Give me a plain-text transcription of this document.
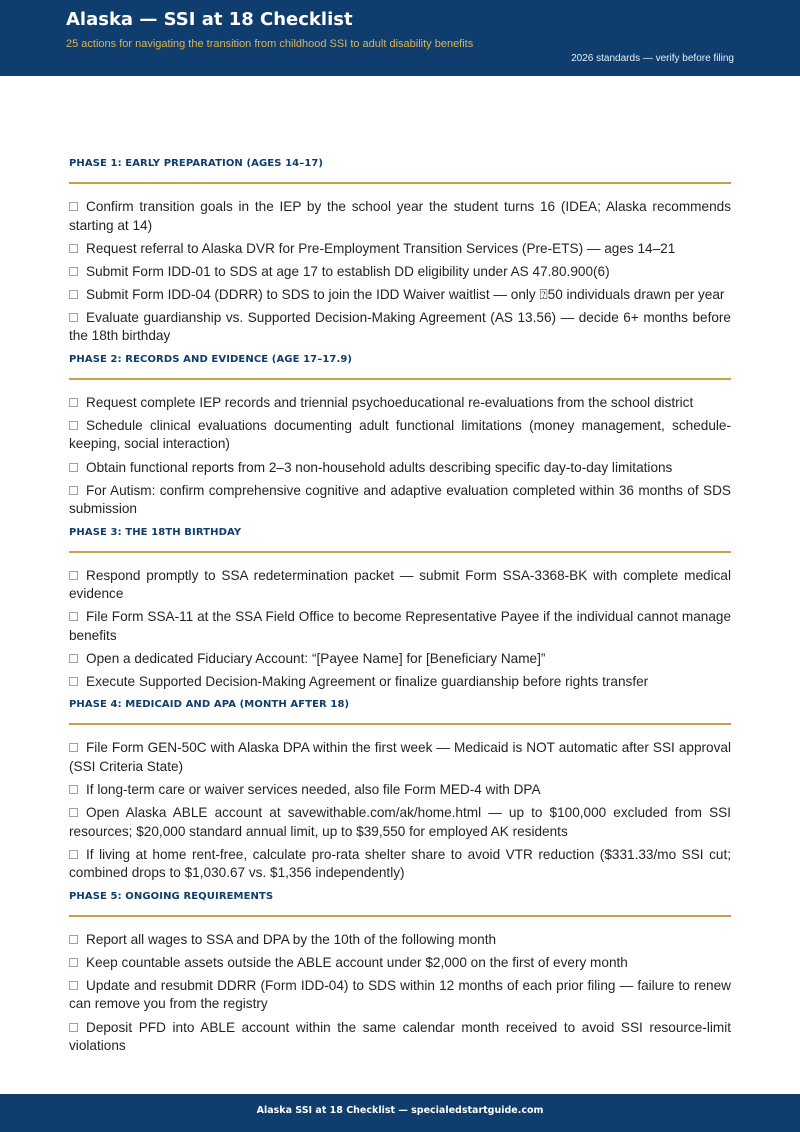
Alaska — SSI at 18 Checklist
25 actions for navigating the transition from childhood SSI to adult disability benefits
2026 standards — verify before filing
PHASE 1: EARLY PREPARATION (AGES 14–17)
Confirm transition goals in the IEP by the school year the student turns 16 (IDEA; Alaska recommends starting at 14)
Request referral to Alaska DVR for Pre-Employment Transition Services (Pre-ETS) — ages 14–21
Submit Form IDD-01 to SDS at age 17 to establish DD eligibility under AS 47.80.900(6)
Submit Form IDD-04 (DDRR) to SDS to join the IDD Waiver waitlist — only ⍰50 individuals drawn per year
Evaluate guardianship vs. Supported Decision-Making Agreement (AS 13.56) — decide 6+ months before the 18th birthday
PHASE 2: RECORDS AND EVIDENCE (AGE 17–17.9)
Request complete IEP records and triennial psychoeducational re-evaluations from the school district
Schedule clinical evaluations documenting adult functional limitations (money management, schedule-keeping, social interaction)
Obtain functional reports from 2–3 non-household adults describing specific day-to-day limitations
For Autism: confirm comprehensive cognitive and adaptive evaluation completed within 36 months of SDS submission
PHASE 3: THE 18TH BIRTHDAY
Respond promptly to SSA redetermination packet — submit Form SSA-3368-BK with complete medical evidence
File Form SSA-11 at the SSA Field Office to become Representative Payee if the individual cannot manage benefits
Open a dedicated Fiduciary Account: “[Payee Name] for [Beneficiary Name]”
Execute Supported Decision-Making Agreement or finalize guardianship before rights transfer
PHASE 4: MEDICAID AND APA (MONTH AFTER 18)
File Form GEN-50C with Alaska DPA within the first week — Medicaid is NOT automatic after SSI approval (SSI Criteria State)
If long-term care or waiver services needed, also file Form MED-4 with DPA
Open Alaska ABLE account at savewithable.com/ak/home.html — up to $100,000 excluded from SSI resources; $20,000 standard annual limit, up to $39,550 for employed AK residents
If living at home rent-free, calculate pro-rata shelter share to avoid VTR reduction ($331.33/mo SSI cut; combined drops to $1,030.67 vs. $1,356 independently)
PHASE 5: ONGOING REQUIREMENTS
Report all wages to SSA and DPA by the 10th of the following month
Keep countable assets outside the ABLE account under $2,000 on the first of every month
Update and resubmit DDRR (Form IDD-04) to SDS within 12 months of each prior filing — failure to renew can remove you from the registry
Deposit PFD into ABLE account within the same calendar month received to avoid SSI resource-limit violations
Alaska SSI at 18 Checklist — specialedstartguide.com
